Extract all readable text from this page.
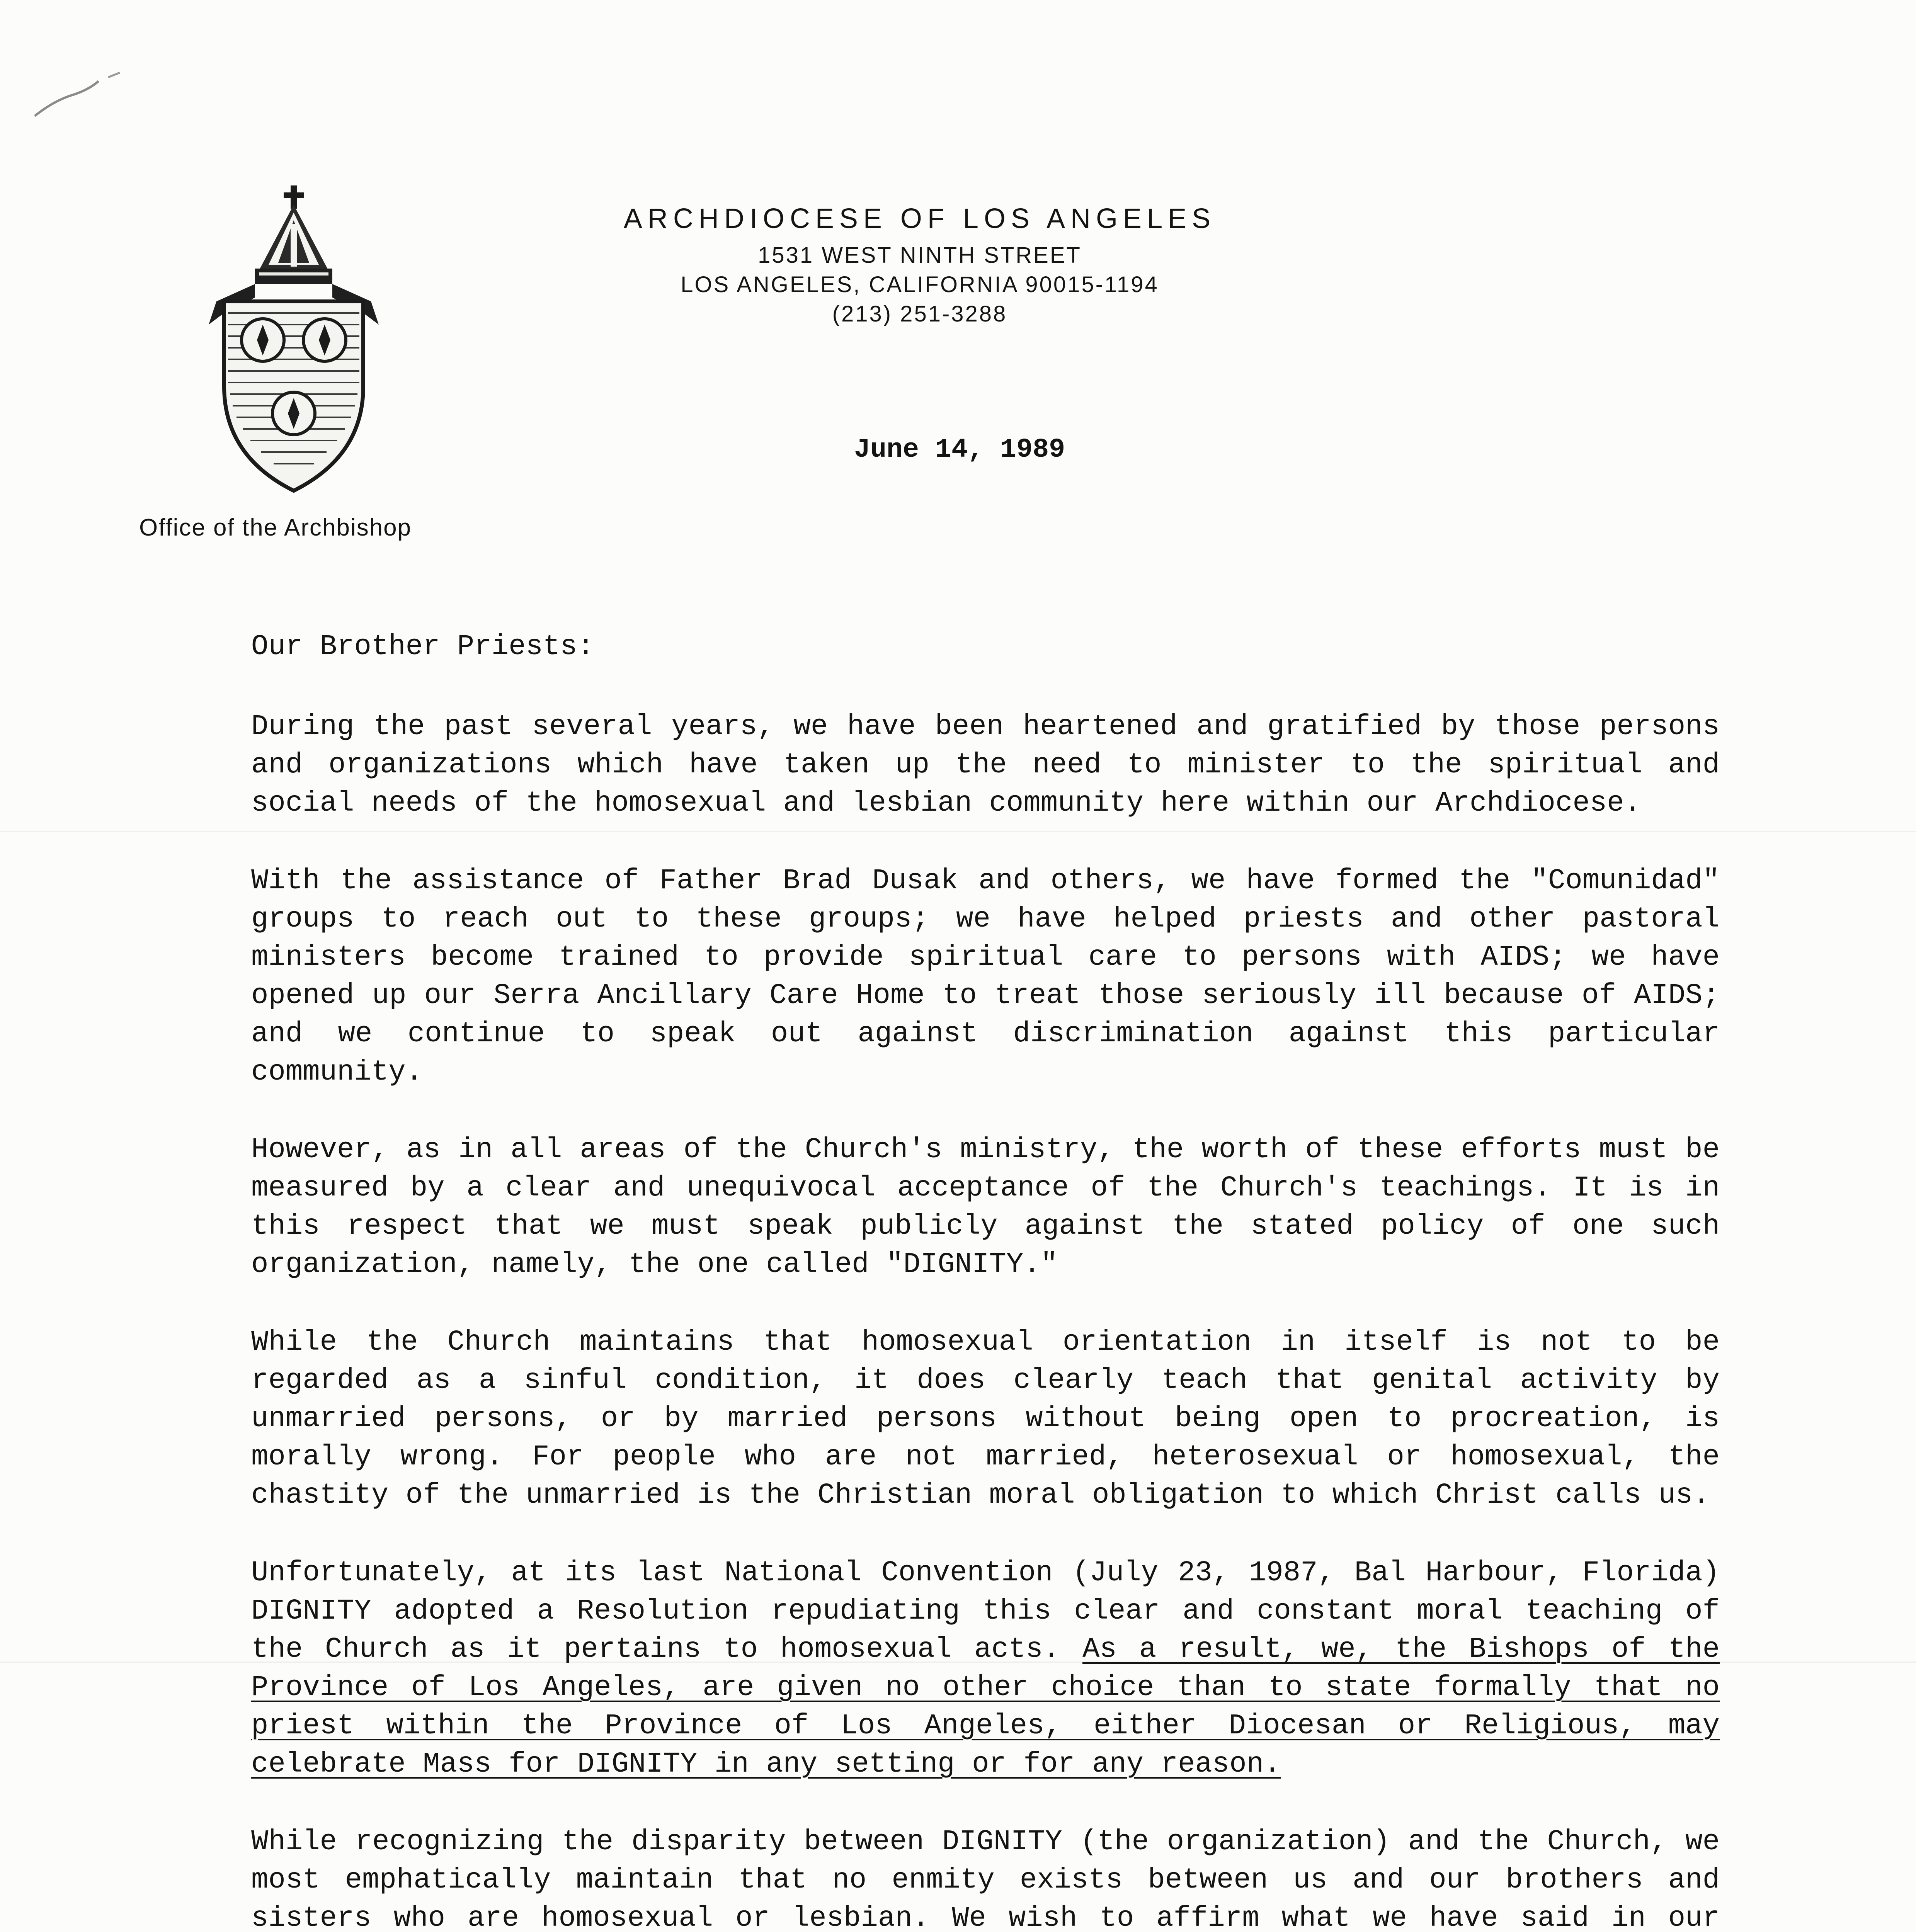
Office of the Archbishop
ARCHDIOCESE OF LOS ANGELES
1531 WEST NINTH STREET
LOS ANGELES, CALIFORNIA 90015-1194
(213) 251-3288
June 14, 1989

Our Brother Priests:

During the past several years, we have been heartened and gratified by those persons and organizations which have taken up the need to minister to the spiritual and social needs of the homosexual and lesbian community here within our Archdiocese.

With the assistance of Father Brad Dusak and others, we have formed the "Comunidad" groups to reach out to these groups; we have helped priests and other pastoral ministers become trained to provide spiritual care to persons with AIDS; we have opened up our Serra Ancillary Care Home to treat those seriously ill because of AIDS; and we continue to speak out against discrimination against this particular community.

However, as in all areas of the Church's ministry, the worth of these efforts must be measured by a clear and unequivocal acceptance of the Church's teachings. It is in this respect that we must speak publicly against the stated policy of one such organization, namely, the one called "DIGNITY."

While the Church maintains that homosexual orientation in itself is not to be regarded as a sinful condition, it does clearly teach that genital activity by unmarried persons, or by married persons without being open to procreation, is morally wrong. For people who are not married, heterosexual or homosexual, the chastity of the unmarried is the Christian moral obligation to which Christ calls us.

Unfortunately, at its last National Convention (July 23, 1987, Bal Harbour, Florida) DIGNITY adopted a Resolution repudiating this clear and constant moral teaching of the Church as it pertains to homosexual acts. As a result, we, the Bishops of the Province of Los Angeles, are given no other choice than to state formally that no priest within the Province of Los Angeles, either Diocesan or Religious, may celebrate Mass for DIGNITY in any setting or for any reason.

While recognizing the disparity between DIGNITY (the organization) and the Church, we most emphatically maintain that no enmity exists between us and our brothers and sisters who are homosexual or lesbian. We wish to affirm what we have said in our
